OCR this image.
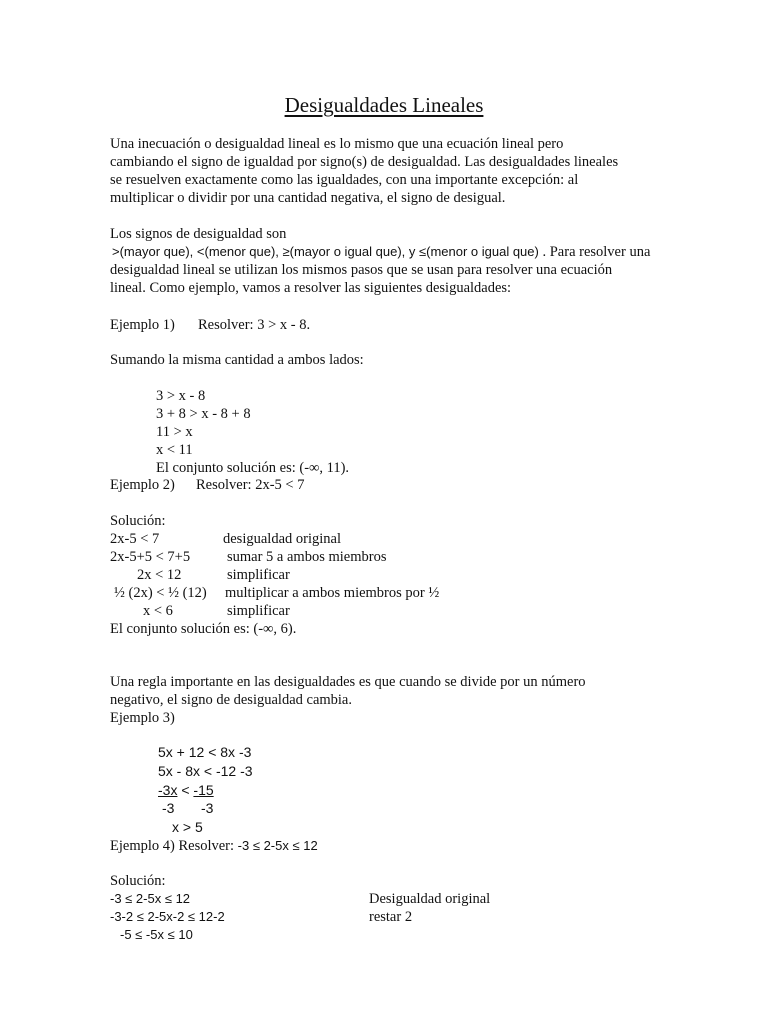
Desigualdades Lineales
Una inecuación o desigualdad lineal es lo mismo que una ecuación lineal pero cambiando el signo de igualdad por signo(s) de desigualdad. Las desigualdades lineales se resuelven exactamente como las igualdades, con una importante excepción: al multiplicar o dividir por una cantidad negativa, el signo de desigual.
Los signos de desigualdad son
>(mayor que), <(menor que), ≥(mayor o igual que), y ≤(menor o igual que) . Para resolver una
desigualdad lineal se utilizan los mismos pasos que se usan para resolver una ecuación
lineal. Como ejemplo, vamos a resolver las siguientes desigualdades:
Ejemplo 1) Resolver: 3 > x - 8.
Sumando la misma cantidad a ambos lados:
3 > x - 8
3 + 8 > x - 8 + 8
11 > x
x < 11
El conjunto solución es: (-∞, 11).
Ejemplo 2) Resolver: 2x-5 < 7
Solución:
2x-5 < 7	desigualdad original
2x-5+5 < 7+5	sumar 5 a ambos miembros
2x < 12	simplificar
½ (2x) < ½ (12) multiplicar a ambos miembros por ½
x < 6	simplificar
El conjunto solución es: (-∞, 6).
Una regla importante en las desigualdades es que cuando se divide por un número
negativo, el signo de desigualdad cambia.
Ejemplo 3)
5x + 12 < 8x -3
5x - 8x < -12 -3
-3x < -15
-3 -3
x > 5
Ejemplo 4) Resolver: -3 ≤ 2-5x ≤ 12
Solución:
-3 ≤ 2-5x ≤ 12	Desigualdad original
-3-2 ≤ 2-5x-2 ≤ 12-2	restar 2
-5 ≤ -5x ≤ 10
